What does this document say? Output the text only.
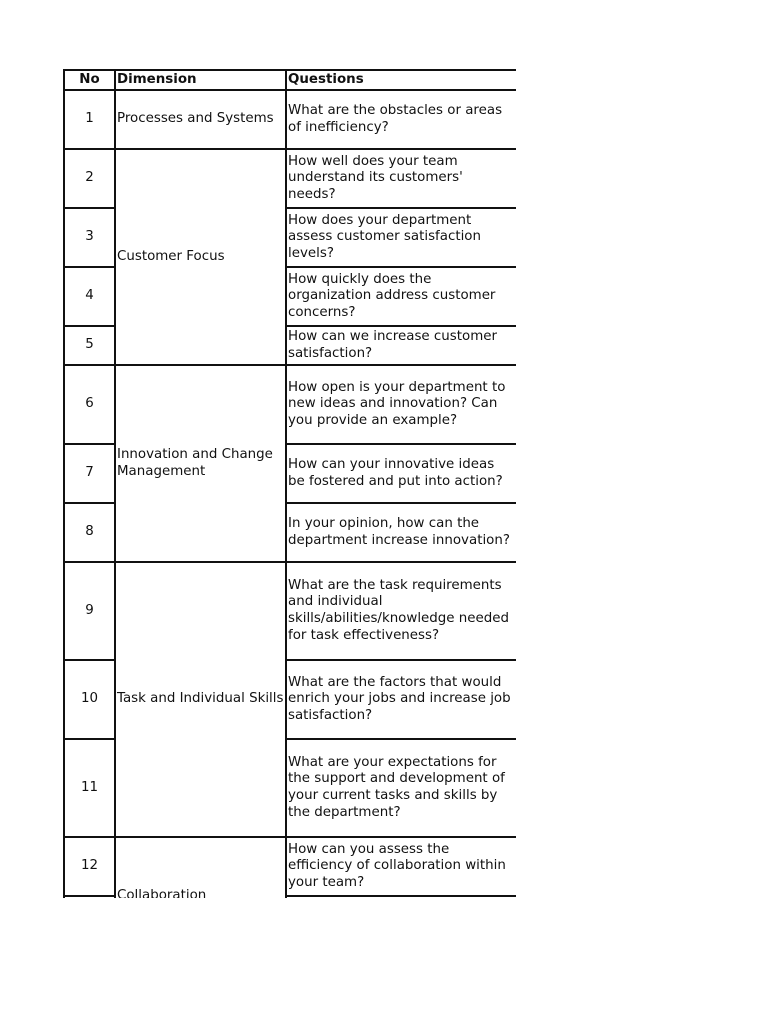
No	Dimension	Questions
1	Processes and Systems	What are the obstacles or areas of inefficiency?
2	Customer Focus	How well does your team understand its customers' needs?
3		How does your department assess customer satisfaction levels?
4		How quickly does the organization address customer concerns?
5		How can we increase customer satisfaction?
6	Innovation and Change Management	How open is your department to new ideas and innovation? Can you provide an example?
7		How can your innovative ideas be fostered and put into action?
8		In your opinion, how can the department increase innovation?
9	Task and Individual Skills	What are the task requirements and individual skills/abilities/knowledge needed for task effectiveness?
10		What are the factors that would enrich your jobs and increase job satisfaction?
11		What are your expectations for the support and development of your current tasks and skills by the department?
12	Collaboration	How can you assess the efficiency of collaboration within your team?
